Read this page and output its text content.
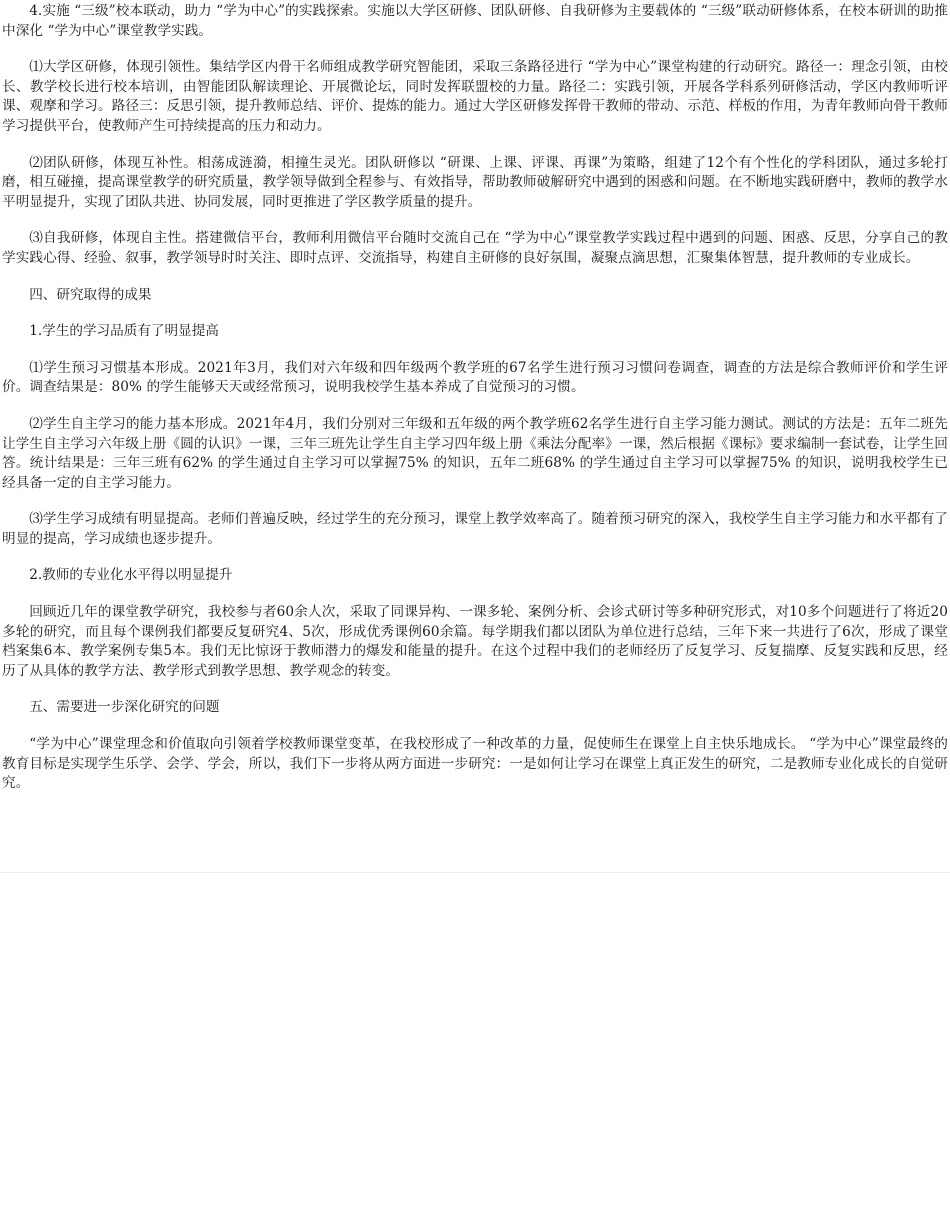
4.实施 “三级”校本联动，助力 “学为中心”的实践探索。实施以大学区研修、团队研修、自我研修为主要载体的 “三级”联动研修体系，在校本研训的助推中深化 “学为中心”课堂教学实践。

⑴大学区研修，体现引领性。集结学区内骨干名师组成教学研究智能团，采取三条路径进行 “学为中心”课堂构建的行动研究。路径一：理念引领，由校长、教学校长进行校本培训，由智能团队解读理论、开展微论坛，同时发挥联盟校的力量。路径二：实践引领，开展各学科系列研修活动，学区内教师听评课、观摩和学习。路径三：反思引领，提升教师总结、评价、提炼的能力。通过大学区研修发挥骨干教师的带动、示范、样板的作用，为青年教师向骨干教师学习提供平台，使教师产生可持续提高的压力和动力。

⑵团队研修，体现互补性。相荡成涟漪，相撞生灵光。团队研修以 “研课、上课、评课、再课”为策略，组建了12个有个性化的学科团队，通过多轮打磨，相互碰撞，提高课堂教学的研究质量，教学领导做到全程参与、有效指导，帮助教师破解研究中遇到的困惑和问题。在不断地实践研磨中，教师的教学水平明显提升，实现了团队共进、协同发展，同时更推进了学区教学质量的提升。

⑶自我研修，体现自主性。搭建微信平台，教师利用微信平台随时交流自己在 “学为中心”课堂教学实践过程中遇到的问题、困惑、反思，分享自己的教学实践心得、经验、叙事，教学领导时时关注、即时点评、交流指导，构建自主研修的良好氛围，凝聚点滴思想，汇聚集体智慧，提升教师的专业成长。

四、研究取得的成果

1.学生的学习品质有了明显提高

⑴学生预习习惯基本形成。2021年3月，我们对六年级和四年级两个教学班的67名学生进行预习习惯问卷调查，调查的方法是综合教师评价和学生评价。调查结果是：80% 的学生能够天天或经常预习，说明我校学生基本养成了自觉预习的习惯。

⑵学生自主学习的能力基本形成。2021年4月，我们分别对三年级和五年级的两个教学班62名学生进行自主学习能力测试。测试的方法是：五年二班先让学生自主学习六年级上册《圆的认识》一课，三年三班先让学生自主学习四年级上册《乘法分配率》一课，然后根据《课标》要求编制一套试卷，让学生回答。统计结果是：三年三班有62% 的学生通过自主学习可以掌握75% 的知识，五年二班68% 的学生通过自主学习可以掌握75% 的知识，说明我校学生已经具备一定的自主学习能力。

⑶学生学习成绩有明显提高。老师们普遍反映，经过学生的充分预习，课堂上教学效率高了。随着预习研究的深入，我校学生自主学习能力和水平都有了明显的提高，学习成绩也逐步提升。

2.教师的专业化水平得以明显提升

回顾近几年的课堂教学研究，我校参与者60余人次，采取了同课异构、一课多轮、案例分析、会诊式研讨等多种研究形式，对10多个问题进行了将近20多轮的研究，而且每个课例我们都要反复研究4、5次，形成优秀课例60余篇。每学期我们都以团队为单位进行总结，三年下来一共进行了6次，形成了课堂档案集6本、教学案例专集5本。我们无比惊讶于教师潜力的爆发和能量的提升。在这个过程中我们的老师经历了反复学习、反复揣摩、反复实践和反思，经历了从具体的教学方法、教学形式到教学思想、教学观念的转变。

五、需要进一步深化研究的问题

“学为中心”课堂理念和价值取向引领着学校教师课堂变革，在我校形成了一种改革的力量，促使师生在课堂上自主快乐地成长。 “学为中心”课堂最终的教育目标是实现学生乐学、会学、学会，所以，我们下一步将从两方面进一步研究：一是如何让学习在课堂上真正发生的研究，二是教师专业化成长的自觉研究。
